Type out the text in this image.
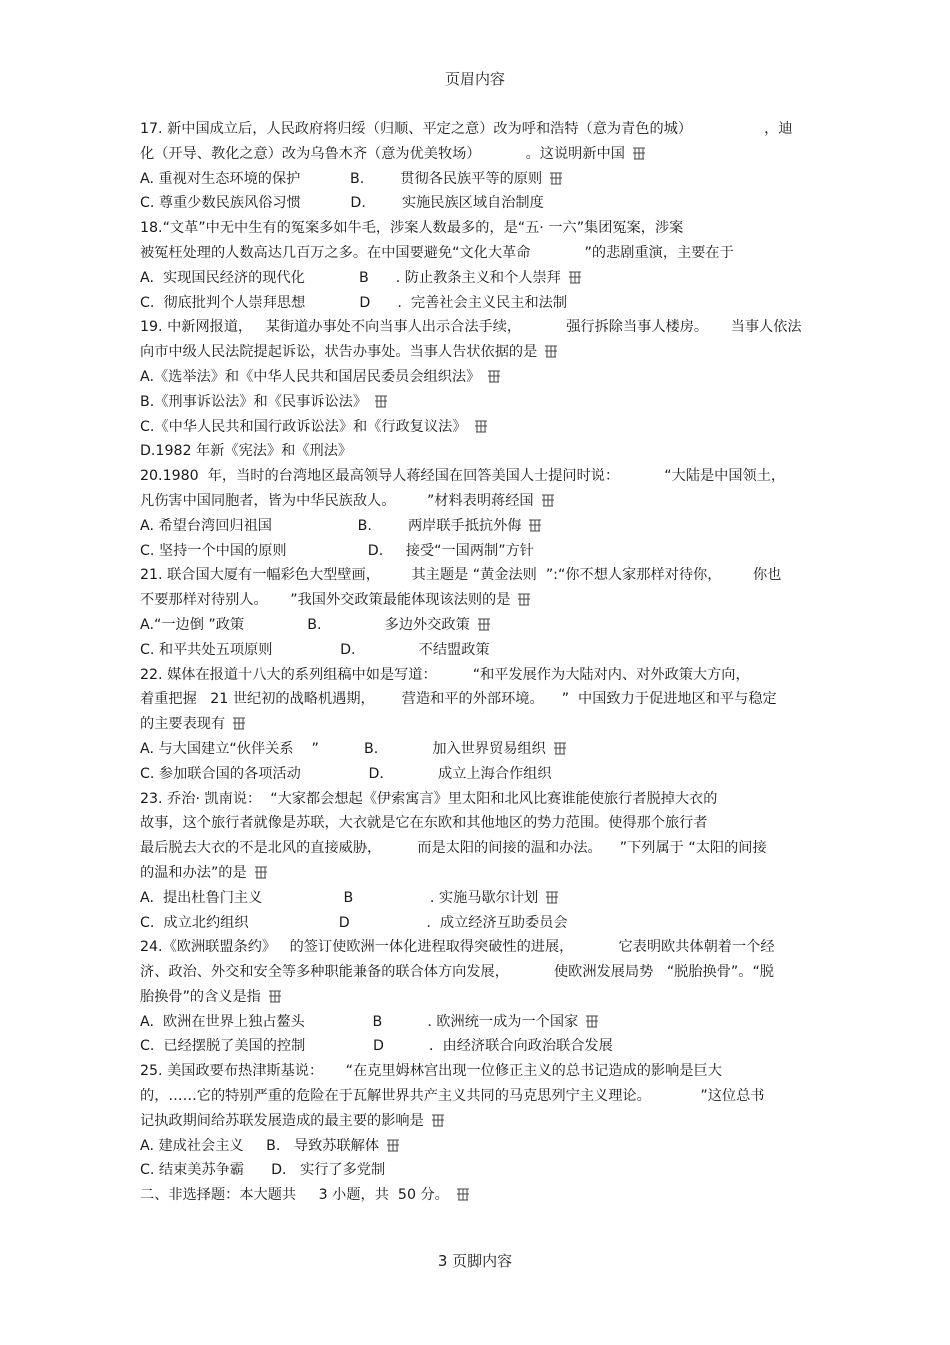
页眉内容
17. 新中国成立后，人民政府将归绥（归顺、平定之意）改为呼和浩特（意为青色的城）                ，迪
化（开导、教化之意）改为乌鲁木齐（意为优美牧场）          。这说明新中国
A. 重视对生态环境的保护           B.        贯彻各民族平等的原则
C. 尊重少数民族风俗习惯           D.        实施民族区域自治制度
18.“文革”中无中生有的冤案多如牛毛，涉案人数最多的，是“五· 一六”集团冤案，涉案
被冤枉处理的人数高达几百万之多。在中国要避免“文化大革命            ”的悲剧重演，主要在于
A.  实现国民经济的现代化            B      . 防止教条主义和个人崇拜
C.  彻底批判个人崇拜思想            D      .  完善社会主义民主和法制
19. 中新网报道，   某街道办事处不向当事人出示合法手续，          强行拆除当事人楼房。     当事人依法
向市中级人民法院提起诉讼，状告办事处。当事人告状依据的是
A.《选举法》和《中华人民共和国居民委员会组织法》
B.《刑事诉讼法》和《民事诉讼法》
C.《中华人民共和国行政诉讼法》和《行政复议法》
D.1982 年新《宪法》和《刑法》
20.1980  年，当时的台湾地区最高领导人蒋经国在回答美国人士提问时说：          “大陆是中国领土，
凡伤害中国同胞者，皆为中华民族敌人。       ”材料表明蒋经国
A. 希望台湾回归祖国                   B.        两岸联手抵抗外侮
C. 坚持一个中国的原则                  D.     接受“一国两制”方针
21. 联合国大厦有一幅彩色大型壁画，       其主题是 “黄金法则  ”:“你不想人家那样对待你，       你也
不要那样对待别人。     ”我国外交政策最能体现该法则的是
A.“一边倒 ”政策              B.              多边外交政策
C. 和平共处五项原则               D.              不结盟政策
22. 媒体在报道十八大的系列组稿中如是写道：        “和平发展作为大陆对内、对外政策大方向，
着重把握   21 世纪初的战略机遇期，      营造和平的外部环境。    ”  中国致力于促进地区和平与稳定
的主要表现有
A. 与大国建立“伙伴关系    ”          B.            加入世界贸易组织
C. 参加联合国的各项活动               D.            成立上海合作组织
23. 乔治· 凯南说：  “大家都会想起《伊索寓言》里太阳和北风比赛谁能使旅行者脱掉大衣的
故事，这个旅行者就像是苏联，大衣就是它在东欧和其他地区的势力范围。使得那个旅行者
最后脱去大衣的不是北风的直接威胁，        而是太阳的间接的温和办法。    ”下列属于 “太阳的间接
的温和办法”的是
A.  提出杜鲁门主义                  B                 . 实施马歇尔计划
C.  成立北约组织                    D                 .  成立经济互助委员会
24.《欧洲联盟条约》   的签订使欧洲一体化进程取得突破性的进展，          它表明欧共体朝着一个经
济、政治、外交和安全等多种职能兼备的联合体方向发展，          使欧洲发展局势   “脱胎换骨”。“脱
胎换骨”的含义是指
A.  欧洲在世界上独占鳌头               B          . 欧洲统一成为一个国家
C.  已经摆脱了美国的控制               D          .  由经济联合向政治联合发展
25. 美国政要布热津斯基说：     “在克里姆林宫出现一位修正主义的总书记造成的影响是巨大
的，……它的特别严重的危险在于瓦解世界共产主义共同的马克思列宁主义理论。           ”这位总书
记执政期间给苏联发展造成的最主要的影响是
A. 建成社会主义     B.   导致苏联解体
C. 结束美苏争霸      D.   实行了多党制
二、非选择题：本大题共     3 小题，共  50 分。
3 页脚内容
